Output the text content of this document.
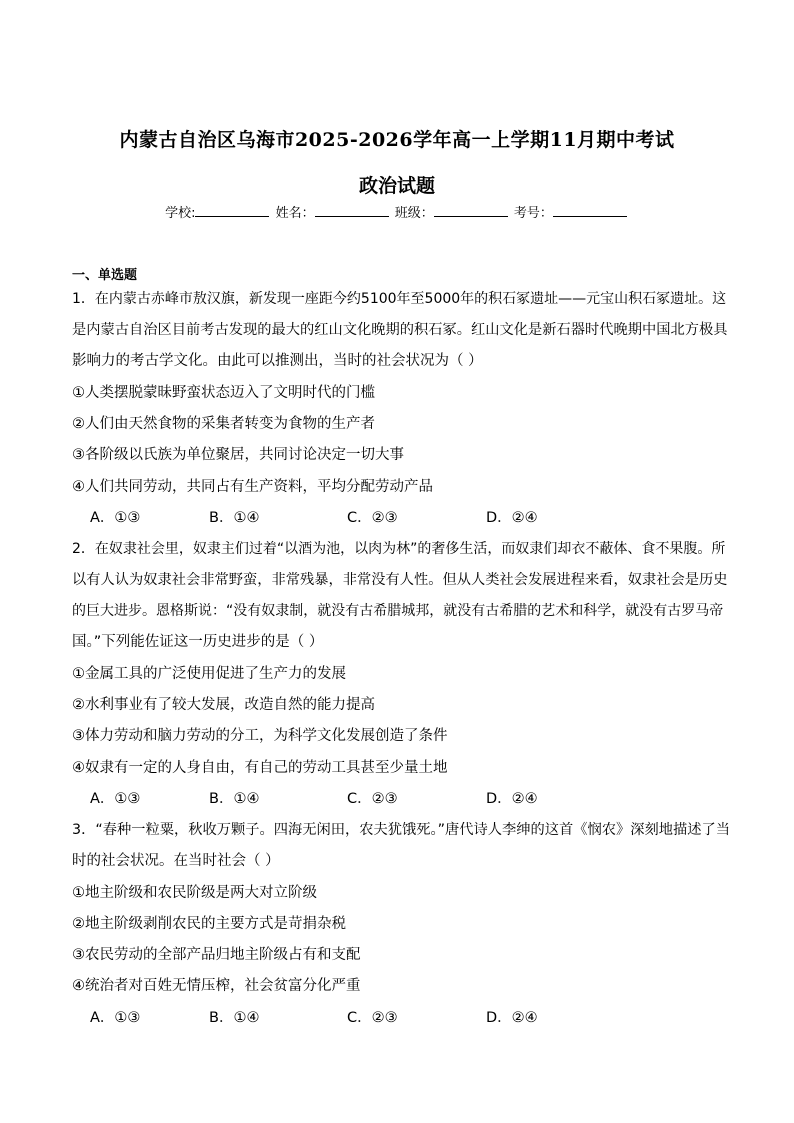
内蒙古自治区乌海市2025-2026学年高一上学期11月期中考试
政治试题
学校:	姓名：	班级：	考号：
一、单选题
1．在内蒙古赤峰市敖汉旗，新发现一座距今约5100年至5000年的积石冢遗址——元宝山积石冢遗址。这
是内蒙古自治区目前考古发现的最大的红山文化晚期的积石冢。红山文化是新石器时代晚期中国北方极具
影响力的考古学文化。由此可以推测出，当时的社会状况为（ ）
①人类摆脱蒙昧野蛮状态迈入了文明时代的门槛
②人们由天然食物的采集者转变为食物的生产者
③各阶级以氏族为单位聚居，共同讨论决定一切大事
④人们共同劳动，共同占有生产资料，平均分配劳动产品
A．①③	B．①④	C．②③	D．②④
2．在奴隶社会里，奴隶主们过着“以酒为池，以肉为林”的奢侈生活，而奴隶们却衣不蔽体、食不果腹。所
以有人认为奴隶社会非常野蛮，非常残暴，非常没有人性。但从人类社会发展进程来看，奴隶社会是历史
的巨大进步。恩格斯说：“没有奴隶制，就没有古希腊城邦，就没有古希腊的艺术和科学，就没有古罗马帝
国。”下列能佐证这一历史进步的是（ ）
①金属工具的广泛使用促进了生产力的发展
②水利事业有了较大发展，改造自然的能力提高
③体力劳动和脑力劳动的分工，为科学文化发展创造了条件
④奴隶有一定的人身自由，有自己的劳动工具甚至少量土地
A．①③	B．①④	C．②③	D．②④
3．“春种一粒粟，秋收万颗子。四海无闲田，农夫犹饿死。”唐代诗人李绅的这首《悯农》深刻地描述了当
时的社会状况。在当时社会（ ）
①地主阶级和农民阶级是两大对立阶级
②地主阶级剥削农民的主要方式是苛捐杂税
③农民劳动的全部产品归地主阶级占有和支配
④统治者对百姓无情压榨，社会贫富分化严重
A．①③	B．①④	C．②③	D．②④
